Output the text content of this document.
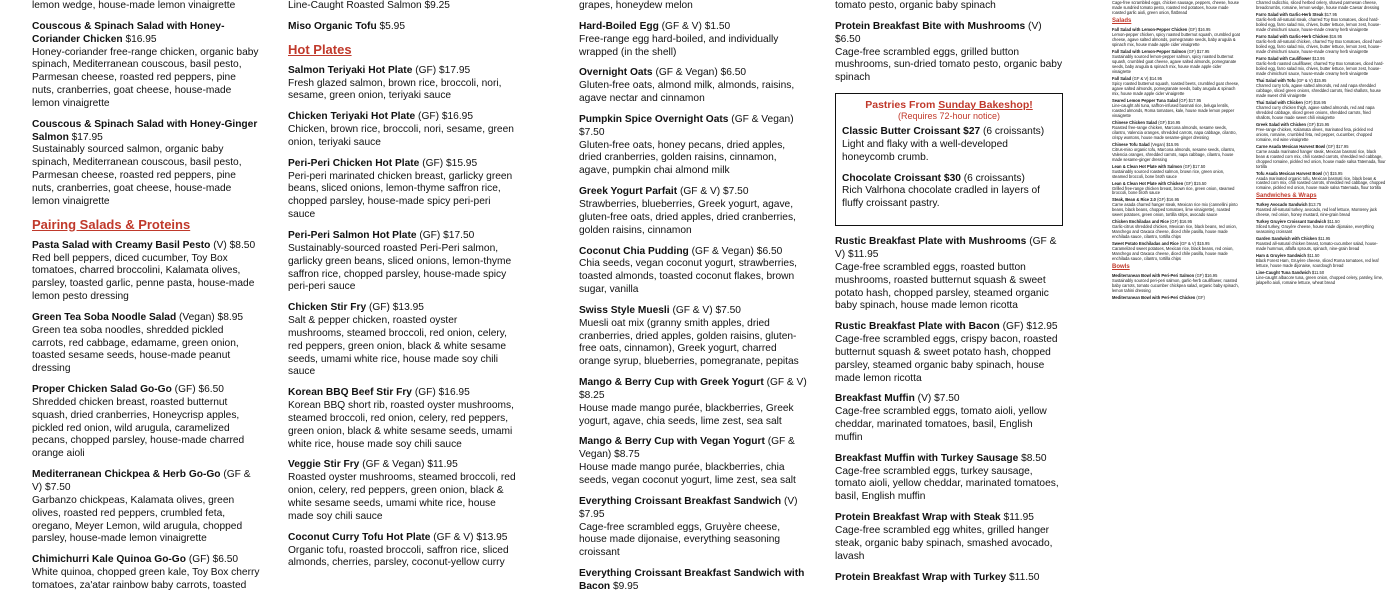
lemon wedge, house-made lemon vinaigrette
Couscous & Spinach Salad with Honey-Coriander Chicken $16.95
Honey-coriander free-range chicken, organic baby spinach, Mediterranean couscous, basil pesto, Parmesan cheese, roasted red peppers, pine nuts, cranberries, goat cheese, house-made lemon vinaigrette
Couscous & Spinach Salad with Honey-Ginger Salmon $17.95
Sustainably sourced salmon, organic baby spinach, Mediterranean couscous, basil pesto, Parmesan cheese, roasted red peppers, pine nuts, cranberries, goat cheese, house-made lemon vinaigrette
Pairing Salads & Proteins
Pasta Salad with Creamy Basil Pesto (V) $8.50
Red bell peppers, diced cucumber, Toy Box tomatoes, charred broccolini, Kalamata olives, parsley, toasted garlic, penne pasta, house-made lemon pesto dressing
Green Tea Soba Noodle Salad (Vegan) $8.95
Green tea soba noodles, shredded pickled carrots, red cabbage, edamame, green onion, toasted sesame seeds, house-made peanut dressing
Proper Chicken Salad Go-Go (GF) $6.50
Shredded chicken breast, roasted butternut squash, dried cranberries, Honeycrisp apples, pickled red onion, wild arugula, caramelized pecans, chopped parsley, house-made charred orange aioli
Mediterranean Chickpea & Herb Go-Go (GF & V) $7.50
Garbanzo chickpeas, Kalamata olives, green olives, roasted red peppers, crumbled feta, oregano, Meyer Lemon, wild arugula, chopped parsley, house-made lemon vinaigrette
Chimichurri Kale Quinoa Go-Go (GF) $6.50
White quinoa, chopped green kale, Toy Box cherry tomatoes, za'atar rainbow baby carrots, toasted
Line-Caught Roasted Salmon $9.25
Miso Organic Tofu $5.95
Hot Plates
Salmon Teriyaki Hot Plate (GF) $17.95
Fresh glazed salmon, brown rice, broccoli, nori, sesame, green onion, teriyaki sauce
Chicken Teriyaki Hot Plate (GF) $16.95
Chicken, brown rice, broccoli, nori, sesame, green onion, teriyaki sauce
Peri-Peri Chicken Hot Plate (GF) $15.95
Peri-peri marinated chicken breast, garlicky green beans, sliced onions, lemon-thyme saffron rice, chopped parsley, house-made spicy peri-peri sauce
Peri-Peri Salmon Hot Plate (GF) $17.50
Sustainably-sourced roasted Peri-Peri salmon, garlicky green beans, sliced onions, lemon-thyme saffron rice, chopped parsley, house-made spicy peri-peri sauce
Chicken Stir Fry (GF) $13.95
Salt & pepper chicken, roasted oyster mushrooms, steamed broccoli, red onion, celery, red peppers, green onion, black & white sesame seeds, umami white rice, house made soy chili sauce
Korean BBQ Beef Stir Fry (GF) $16.95
Korean BBQ short rib, roasted oyster mushrooms, steamed broccoli, red onion, celery, red peppers, green onion, black & white sesame seeds, umami white rice, house made soy chili sauce
Veggie Stir Fry (GF & Vegan) $11.95
Roasted oyster mushrooms, steamed broccoli, red onion, celery, red peppers, green onion, black & white sesame seeds, umami white rice, house made soy chili sauce
Coconut Curry Tofu Hot Plate (GF & V) $13.95
Organic tofu, roasted broccoli, saffron rice, sliced almonds, cherries, parsley, coconut-yellow curry
grapes, honeydew melon
Hard-Boiled Egg (GF & V) $1.50
Free-range egg hard-boiled, and individually wrapped (in the shell)
Overnight Oats (GF & Vegan) $6.50
Gluten-free oats, almond milk, almonds, raisins, agave nectar and cinnamon
Pumpkin Spice Overnight Oats (GF & Vegan) $7.50
Gluten-free oats, honey pecans, dried apples, dried cranberries, golden raisins, cinnamon, agave, pumpkin chai almond milk
Greek Yogurt Parfait (GF & V) $7.50
Strawberries, blueberries, Greek yogurt, agave, gluten-free oats, dried apples, dried cranberries, golden raisins, cinnamon
Coconut Chia Pudding (GF & Vegan) $6.50
Chia seeds, vegan coconut yogurt, strawberries, toasted almonds, toasted coconut flakes, brown sugar, vanilla
Swiss Style Muesli (GF & V) $7.50
Muesli oat mix (granny smith apples, dried cranberries, dried apples, golden raisins, gluten-free oats, cinnamon), Greek yogurt, charred orange syrup, blueberries, pomegranate, pepitas
Mango & Berry Cup with Greek Yogurt (GF & V) $8.25
House made mango purée, blackberries, Greek yogurt, agave, chia seeds, lime zest, sea salt
Mango & Berry Cup with Vegan Yogurt (GF & Vegan) $8.75
House made mango purée, blackberries, chia seeds, vegan coconut yogurt, lime zest, sea salt
Everything Croissant Breakfast Sandwich (V) $7.95
Cage-free scrambled eggs, Gruyère cheese, house made dijonaise, everything seasoning croissant
Everything Croissant Breakfast Sandwich with Bacon $9.95
tomato pesto, organic baby spinach
Protein Breakfast Bite with Mushrooms (V) $6.50
Cage-free scrambled eggs, grilled button mushrooms, sun-dried tomato pesto, organic baby spinach
Pastries From Sunday Bakeshop!
(Requires 72-hour notice)
Classic Butter Croissant $27 (6 croissants)
Light and flaky with a well-developed honeycomb crumb.
Chocolate Croissant $30 (6 croissants)
Rich Valrhona chocolate cradled in layers of fluffy croissant pastry.
Rustic Breakfast Plate with Mushrooms (GF & V) $11.95
Cage-free scrambled eggs, roasted button mushrooms, roasted butternut squash & sweet potato hash, chopped parsley, steamed organic baby spinach, house made lemon ricotta
Rustic Breakfast Plate with Bacon (GF) $12.95
Cage-free scrambled eggs, crispy bacon, roasted butternut squash & sweet potato hash, chopped parsley, steamed organic baby spinach, house made lemon ricotta
Breakfast Muffin (V) $7.50
Cage-free scrambled eggs, tomato aioli, yellow cheddar, marinated tomatoes, basil, English muffin
Breakfast Muffin with Turkey Sausage $8.50
Cage-free scrambled eggs, turkey sausage, tomato aioli, yellow cheddar, marinated tomatoes, basil, English muffin
Protein Breakfast Wrap with Steak $11.95
Cage-free scrambled egg whites, grilled hanger steak, organic baby spinach, smashed avocado, lavash
Protein Breakfast Wrap with Turkey $11.50
Cage-free scrambled eggs, chicken sausage, peppers, cheese, house made sundried tomato pesto, roasted red potatoes, house made roasted garlic aioli, green onion, flatbread
Salads
Fall Salad with Lemon-Pepper Chicken (GF) $16.95
Lemon-pepper chicken, spicy roasted butternut squash, crumbled goat cheese, agave salted almonds, pomegranate seeds, baby arugula & spinach mix, house made apple cider vinaigrette
Fall Salad with Lemon-Pepper Salmon (GF) $17.95
Sustainably sourced lemon-pepper salmon, spicy roasted butternut squash, crumbled goat cheese, agave salted almonds, pomegranate seeds, baby arugula & spinach mix, house made apple cider vinaigrette
Fall Salad (GF & V) $14.95
Spicy roasted butternut squash, roasted beets, crumbled goat cheese, agave salted almonds, pomegranate seeds, baby arugula & spinach mix, house made apple cider vinaigrette
Seared Lemon Pepper Tuna Salad (GF) $17.95
Line-caught ahi tuna, saffron-infused basmati rice, beluga lentils, roasted almonds, Roma tomatoes, kale, house made lemon pepper vinaigrette
Chinese Chicken Salad (GF) $16.95
Roasted free-range chicken, Marcona almonds, sesame seeds, cilantro, Valencia oranges, shredded carrots, napa cabbage, cilantro, crispy wontons, house made sesame-ginger dressing
Chinese Tofu Salad (Vegan) $15.95
Citrus-miso organic tofu, Marcona almonds, sesame seeds, cilantro, Valencia oranges, shredded carrots, napa cabbage, cilantro, house made sesame-ginger dressing
Lean & Clean Hot Plate with Salmon (GF) $17.50
Sustainably sourced roasted salmon, brown rice, green onion, steamed broccoli, bone broth sauce
Lean & Clean Hot Plate with Chicken (GF) $15.50
Grilled free-range chicken breast, brown rice, green onion, steamed broccoli, bone broth sauce
Steak, Bean & Rice 2.0 (GF) $16.95
Carne asada charred hanger steak, Mexican rice mix (cannellini pinto beans, black beans, chopped tomatoes, lime vinaigrette), roasted sweet potatoes, green onion, tortilla strips, avocado sauce
Chicken Enchiladas and Rice (GF) $16.95
Garlic-citrus shredded chicken, Mexican rice, black beans, red onion, Manchego and Oaxaca cheese, diced chile pasilla, house made enchilada sauce, cilantro, tortilla chips
Sweet Potato Enchiladas and Rice (GF & V) $15.95
Caramelized sweet potatoes, Mexican rice, black beans, red onion, Manchego and Oaxaca cheese, diced chile pasilla, house made enchilada sauce, cilantro, tortilla chips
Bowls
Mediterranean Bowl with Peri-Peri Salmon (GF) $16.95
Sustainably sourced peri-peri salmon, garlic-herb cauliflower, roasted baby carrots, tomato cucumber chickpea salad, organic baby spinach, lemon tahini dressing
Mediterranean Bowl with Peri-Peri Chicken (GF)
Charred radicchio, sliced herbed celery, shaved parmesan cheese, breadcrumbs, romaine, lemon wedge, house made Caesar dressing
Farro Salad with Garlic-Herb Steak $17.95
Garlic-herb all-natural steak, charred Toy Box tomatoes, diced hard-boiled egg, farro salad mix, chives, butter lettuce, lemon zest, house-made chimichurri sauce, house-made creamy herb vinaigrette
Farro Salad with Garlic-Herb Chicken $16.95
Garlic-herb all-natural chicken, charred Toy Box tomatoes, diced hard-boiled egg, farro salad mix, chives, butter lettuce, lemon zest, house-made chimichurri sauce, house-made creamy herb vinaigrette
Farro Salad with Cauliflower $13.95
Garlic-herb roasted cauliflower, charred Toy Box tomatoes, diced hard-boiled egg, farro salad mix, chives, butter lettuce, lemon zest, house-made chimichurri sauce, house-made creamy herb vinaigrette
Thai Salad with Tofu (GF & V) $15.95
Charred curry tofu, agave salted almonds, red and napa shredded cabbage, sliced green onions, shredded carrots, fried shallots, house made sweet chili vinaigrette
Thai Salad with Chicken (GF) $16.95
Charred curry chicken thigh, agave salted almonds, red and napa shredded cabbage, sliced green onions, shredded carrots, fried shallots, house made sweet chili vinaigrette
Greek Salad with Chicken (GF) $15.95
Free-range chicken, Kalamata olives, marinated feta, pickled red onions, romaine, crumbled feta, red pepper, cucumber, chopped romaine, red wine vinaigrette
Carne Asada Mexican Harvest Bowl (GF) $17.95
Carne asada marinated hanger steak, Mexican basmati rice, black bean & roasted corn mix, chili roasted carrots, shredded red cabbage, chopped romaine, pickled red onion, house made salsa Tatemada, flour tortilla
Tofu Asada Mexican Harvest Bowl (V) $15.95
Asada marinated organic tofu, Mexican basmati rice, black bean & roasted corn mix, chili roasted carrots, shredded red cabbage, chopped romaine, pickled red onion, house made salsa Tatemada, flour tortilla
Sandwiches & Wraps
Turkey Avocado Sandwich $13.75
Roasted all-natural turkey, avocado, red leaf lettuce, Monterey jack cheese, red onion, honey mustard, nine-grain bread
Turkey Gruyère Croissant Sandwich $11.50
Sliced turkey, Gruyère cheese, house made dijonaise, everything seasoning croissant
Garden Sandwich with Chicken $11.95
Roasted all-natural chicken breast, tomato-cucumber salad, house-made hummus, alfalfa sprouts, spinach, nine-grain bread
Ham & Gruyère Sandwich $11.50
Black Forest Ham, Gruyère cheese, sliced Roma tomatoes, red leaf lettuce, house made dijonaise, sourdough bread
Line-Caught Tuna Sandwich $11.50
Line-caught albacore tuna, green onion, chopped celery, parsley, lime, jalapeño aioli, romaine lettuce, wheat bread
